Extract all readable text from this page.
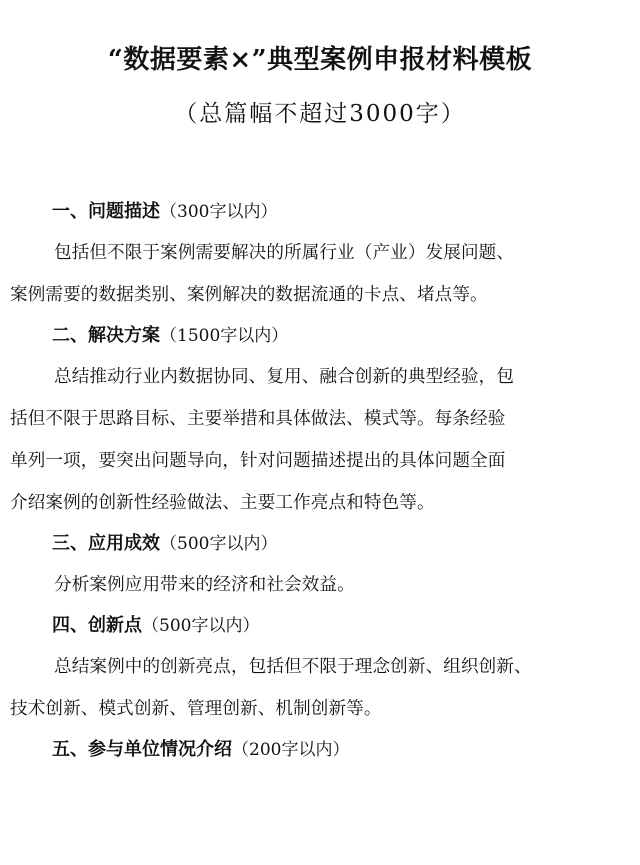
“数据要素×”典型案例申报材料模板
（总篇幅不超过3000字）
一、问题描述（300字以内）
包括但不限于案例需要解决的所属行业（产业）发展问题、
案例需要的数据类别、案例解决的数据流通的卡点、堵点等。
二、解决方案（1500字以内）
总结推动行业内数据协同、复用、融合创新的典型经验，包
括但不限于思路目标、主要举措和具体做法、模式等。每条经验
单列一项，要突出问题导向，针对问题描述提出的具体问题全面
介绍案例的创新性经验做法、主要工作亮点和特色等。
三、应用成效（500字以内）
分析案例应用带来的经济和社会效益。
四、创新点（500字以内）
总结案例中的创新亮点，包括但不限于理念创新、组织创新、
技术创新、模式创新、管理创新、机制创新等。
五、参与单位情况介绍（200字以内）
